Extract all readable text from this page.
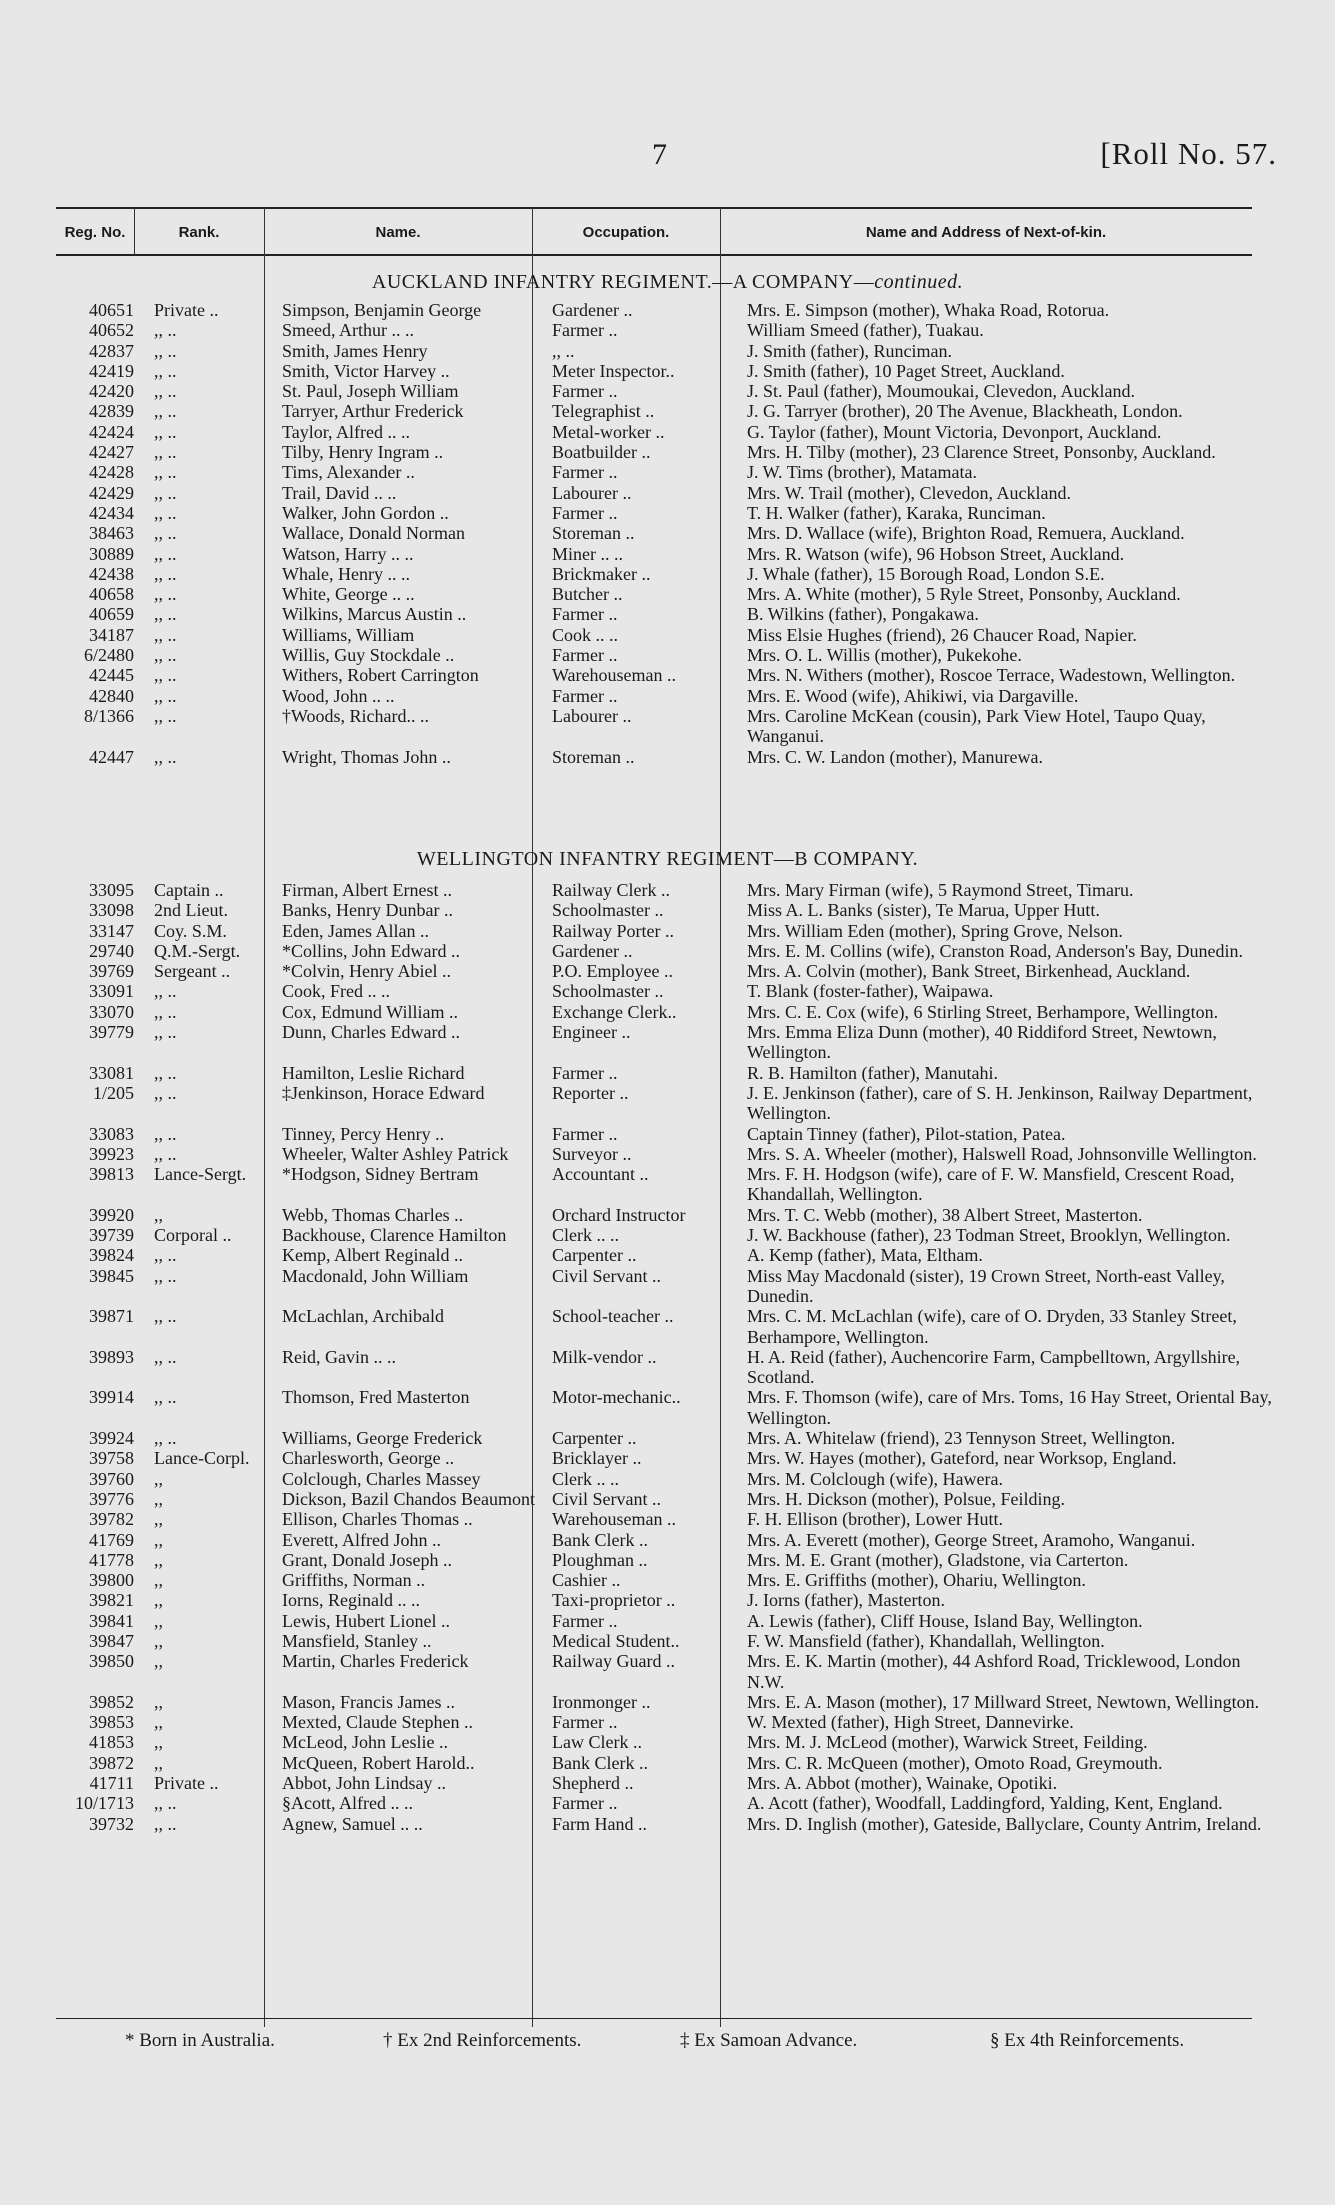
7	[Roll No. 57.
Reg. No.	Rank.	Name.	Occupation.	Name and Address of Next-of-kin.
AUCKLAND INFANTRY REGIMENT.—A COMPANY—continued.
40651	Private ..	Simpson, Benjamin George	Gardener ..	Mrs. E. Simpson (mother), Whaka Road, Rotorua.
40652	,, ..	Smeed, Arthur .. ..	Farmer ..	William Smeed (father), Tuakau.
42837	,, ..	Smith, James Henry	,, ..	J. Smith (father), Runciman.
42419	,, ..	Smith, Victor Harvey ..	Meter Inspector..	J. Smith (father), 10 Paget Street, Auckland.
42420	,, ..	St. Paul, Joseph William	Farmer ..	J. St. Paul (father), Moumoukai, Clevedon, Auckland.
42839	,, ..	Tarryer, Arthur Frederick	Telegraphist ..	J. G. Tarryer (brother), 20 The Avenue, Blackheath, London.
42424	,, ..	Taylor, Alfred .. ..	Metal-worker ..	G. Taylor (father), Mount Victoria, Devonport, Auckland.
42427	,, ..	Tilby, Henry Ingram ..	Boatbuilder ..	Mrs. H. Tilby (mother), 23 Clarence Street, Ponsonby, Auckland.
42428	,, ..	Tims, Alexander ..	Farmer ..	J. W. Tims (brother), Matamata.
42429	,, ..	Trail, David .. ..	Labourer ..	Mrs. W. Trail (mother), Clevedon, Auckland.
42434	,, ..	Walker, John Gordon ..	Farmer ..	T. H. Walker (father), Karaka, Runciman.
38463	,, ..	Wallace, Donald Norman	Storeman ..	Mrs. D. Wallace (wife), Brighton Road, Remuera, Auckland.
30889	,, ..	Watson, Harry .. ..	Miner .. ..	Mrs. R. Watson (wife), 96 Hobson Street, Auckland.
42438	,, ..	Whale, Henry .. ..	Brickmaker ..	J. Whale (father), 15 Borough Road, London S.E.
40658	,, ..	White, George .. ..	Butcher ..	Mrs. A. White (mother), 5 Ryle Street, Ponsonby, Auckland.
40659	,, ..	Wilkins, Marcus Austin ..	Farmer ..	B. Wilkins (father), Pongakawa.
34187	,, ..	Williams, William	Cook .. ..	Miss Elsie Hughes (friend), 26 Chaucer Road, Napier.
6/2480	,, ..	Willis, Guy Stockdale ..	Farmer ..	Mrs. O. L. Willis (mother), Pukekohe.
42445	,, ..	Withers, Robert Carrington	Warehouseman ..	Mrs. N. Withers (mother), Roscoe Terrace, Wadestown, Wellington.
42840	,, ..	Wood, John .. ..	Farmer ..	Mrs. E. Wood (wife), Ahikiwi, via Dargaville.
8/1366	,, ..	†Woods, Richard.. ..	Labourer ..	Mrs. Caroline McKean (cousin), Park View Hotel, Taupo Quay, Wanganui.
42447	,, ..	Wright, Thomas John ..	Storeman ..	Mrs. C. W. Landon (mother), Manurewa.
WELLINGTON INFANTRY REGIMENT—B COMPANY.
33095	Captain ..	Firman, Albert Ernest ..	Railway Clerk ..	Mrs. Mary Firman (wife), 5 Raymond Street, Timaru.
33098	2nd Lieut.	Banks, Henry Dunbar ..	Schoolmaster ..	Miss A. L. Banks (sister), Te Marua, Upper Hutt.
33147	Coy. S.M.	Eden, James Allan ..	Railway Porter ..	Mrs. William Eden (mother), Spring Grove, Nelson.
29740	Q.M.-Sergt.	*Collins, John Edward ..	Gardener ..	Mrs. E. M. Collins (wife), Cranston Road, Anderson's Bay, Dunedin.
39769	Sergeant ..	*Colvin, Henry Abiel ..	P.O. Employee ..	Mrs. A. Colvin (mother), Bank Street, Birkenhead, Auckland.
33091	,, ..	Cook, Fred .. ..	Schoolmaster ..	T. Blank (foster-father), Waipawa.
33070	,, ..	Cox, Edmund William ..	Exchange Clerk..	Mrs. C. E. Cox (wife), 6 Stirling Street, Berhampore, Wellington.
39779	,, ..	Dunn, Charles Edward ..	Engineer ..	Mrs. Emma Eliza Dunn (mother), 40 Riddiford Street, Newtown, Wellington.
33081	,, ..	Hamilton, Leslie Richard	Farmer ..	R. B. Hamilton (father), Manutahi.
1/205	,, ..	‡Jenkinson, Horace Edward	Reporter ..	J. E. Jenkinson (father), care of S. H. Jenkinson, Railway Department, Wellington.
33083	,, ..	Tinney, Percy Henry ..	Farmer ..	Captain Tinney (father), Pilot-station, Patea.
39923	,, ..	Wheeler, Walter Ashley Patrick	Surveyor ..	Mrs. S. A. Wheeler (mother), Halswell Road, Johnsonville Wellington.
39813	Lance-Sergt.	*Hodgson, Sidney Bertram	Accountant ..	Mrs. F. H. Hodgson (wife), care of F. W. Mansfield, Crescent Road, Khandallah, Wellington.
39920	,,	Webb, Thomas Charles ..	Orchard Instructor	Mrs. T. C. Webb (mother), 38 Albert Street, Masterton.
39739	Corporal ..	Backhouse, Clarence Hamilton	Clerk .. ..	J. W. Backhouse (father), 23 Todman Street, Brooklyn, Wellington.
39824	,, ..	Kemp, Albert Reginald ..	Carpenter ..	A. Kemp (father), Mata, Eltham.
39845	,, ..	Macdonald, John William	Civil Servant ..	Miss May Macdonald (sister), 19 Crown Street, North-east Valley, Dunedin.
39871	,, ..	McLachlan, Archibald	School-teacher ..	Mrs. C. M. McLachlan (wife), care of O. Dryden, 33 Stanley Street, Berhampore, Wellington.
39893	,, ..	Reid, Gavin .. ..	Milk-vendor ..	H. A. Reid (father), Auchencorire Farm, Campbelltown, Argyllshire, Scotland.
39914	,, ..	Thomson, Fred Masterton	Motor-mechanic..	Mrs. F. Thomson (wife), care of Mrs. Toms, 16 Hay Street, Oriental Bay, Wellington.
39924	,, ..	Williams, George Frederick	Carpenter ..	Mrs. A. Whitelaw (friend), 23 Tennyson Street, Wellington.
39758	Lance-Corpl.	Charlesworth, George ..	Bricklayer ..	Mrs. W. Hayes (mother), Gateford, near Worksop, England.
39760	,,	Colclough, Charles Massey	Clerk .. ..	Mrs. M. Colclough (wife), Hawera.
39776	,,	Dickson, Bazil Chandos Beaumont	Civil Servant ..	Mrs. H. Dickson (mother), Polsue, Feilding.
39782	,,	Ellison, Charles Thomas ..	Warehouseman ..	F. H. Ellison (brother), Lower Hutt.
41769	,,	Everett, Alfred John ..	Bank Clerk ..	Mrs. A. Everett (mother), George Street, Aramoho, Wanganui.
41778	,,	Grant, Donald Joseph ..	Ploughman ..	Mrs. M. E. Grant (mother), Gladstone, via Carterton.
39800	,,	Griffiths, Norman ..	Cashier ..	Mrs. E. Griffiths (mother), Ohariu, Wellington.
39821	,,	Iorns, Reginald .. ..	Taxi-proprietor ..	J. Iorns (father), Masterton.
39841	,,	Lewis, Hubert Lionel ..	Farmer ..	A. Lewis (father), Cliff House, Island Bay, Wellington.
39847	,,	Mansfield, Stanley ..	Medical Student..	F. W. Mansfield (father), Khandallah, Wellington.
39850	,,	Martin, Charles Frederick	Railway Guard ..	Mrs. E. K. Martin (mother), 44 Ashford Road, Tricklewood, London N.W.
39852	,,	Mason, Francis James ..	Ironmonger ..	Mrs. E. A. Mason (mother), 17 Millward Street, Newtown, Wellington.
39853	,,	Mexted, Claude Stephen ..	Farmer ..	W. Mexted (father), High Street, Dannevirke.
41853	,,	McLeod, John Leslie ..	Law Clerk ..	Mrs. M. J. McLeod (mother), Warwick Street, Feilding.
39872	,,	McQueen, Robert Harold..	Bank Clerk ..	Mrs. C. R. McQueen (mother), Omoto Road, Greymouth.
41711	Private ..	Abbot, John Lindsay ..	Shepherd ..	Mrs. A. Abbot (mother), Wainake, Opotiki.
10/1713	,, ..	§Acott, Alfred .. ..	Farmer ..	A. Acott (father), Woodfall, Laddingford, Yalding, Kent, England.
39732	,, ..	Agnew, Samuel .. ..	Farm Hand ..	Mrs. D. Inglish (mother), Gateside, Ballyclare, County Antrim, Ireland.
* Born in Australia.	† Ex 2nd Reinforcements.	‡ Ex Samoan Advance.	§ Ex 4th Reinforcements.
